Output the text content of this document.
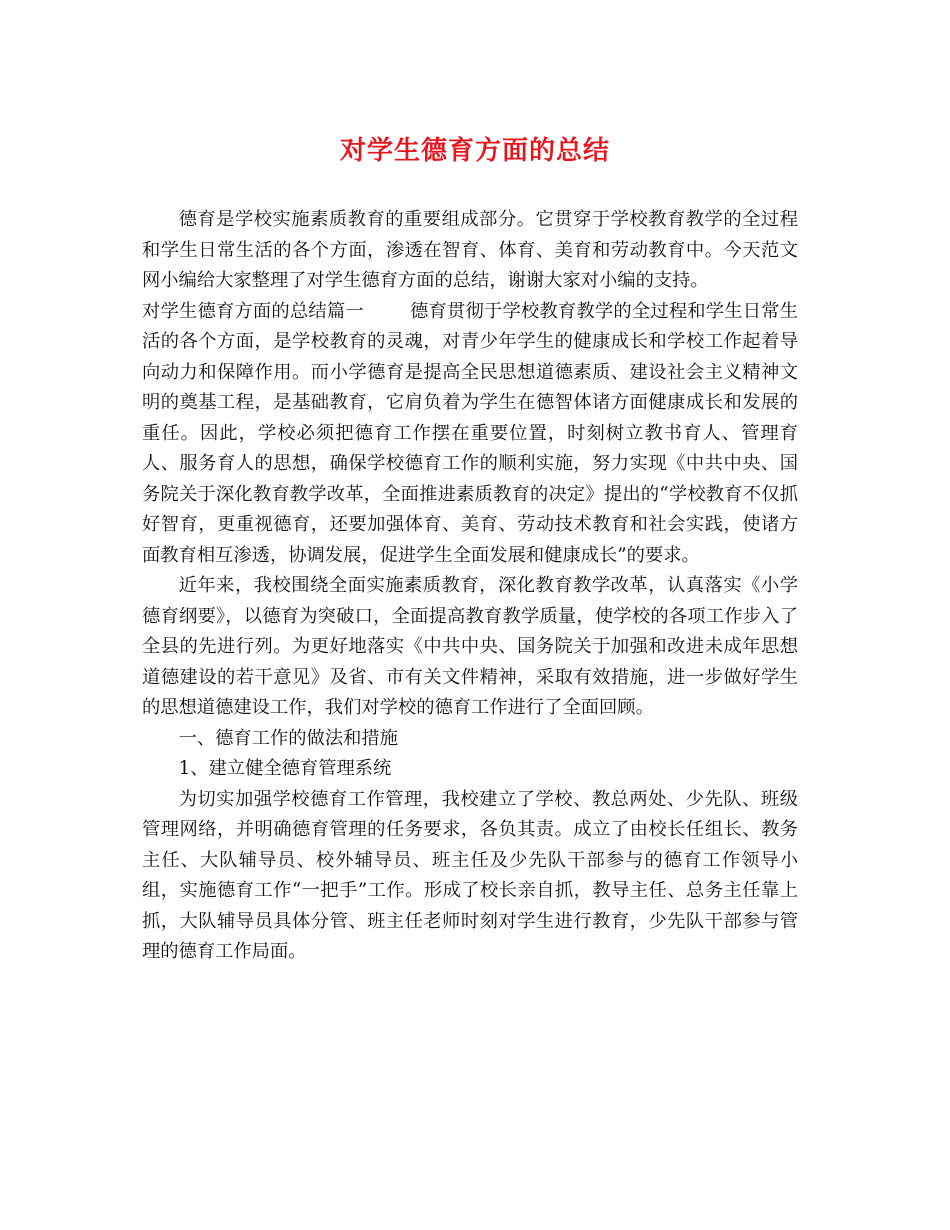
对学生德育方面的总结

德育是学校实施素质教育的重要组成部分。它贯穿于学校教育教学的全过程和学生日常生活的各个方面，渗透在智育、体育、美育和劳动教育中。今天范文网小编给大家整理了对学生德育方面的总结，谢谢大家对小编的支持。

对学生德育方面的总结篇一	德育贯彻于学校教育教学的全过程和学生日常生活的各个方面，是学校教育的灵魂，对青少年学生的健康成长和学校工作起着导向动力和保障作用。而小学德育是提高全民思想道德素质、建设社会主义精神文明的奠基工程，是基础教育，它肩负着为学生在德智体诸方面健康成长和发展的重任。因此，学校必须把德育工作摆在重要位置，时刻树立教书育人、管理育人、服务育人的思想，确保学校德育工作的顺利实施，努力实现《中共中央、国务院关于深化教育教学改革，全面推进素质教育的决定》提出的“学校教育不仅抓好智育，更重视德育，还要加强体育、美育、劳动技术教育和社会实践，使诸方面教育相互渗透，协调发展，促进学生全面发展和健康成长”的要求。

近年来，我校围绕全面实施素质教育，深化教育教学改革，认真落实《小学德育纲要》，以德育为突破口，全面提高教育教学质量，使学校的各项工作步入了全县的先进行列。为更好地落实《中共中央、国务院关于加强和改进未成年思想道德建设的若干意见》及省、市有关文件精神，采取有效措施，进一步做好学生的思想道德建设工作，我们对学校的德育工作进行了全面回顾。

一、德育工作的做法和措施

1、建立健全德育管理系统

为切实加强学校德育工作管理，我校建立了学校、教总两处、少先队、班级管理网络，并明确德育管理的任务要求，各负其责。成立了由校长任组长、教务主任、大队辅导员、校外辅导员、班主任及少先队干部参与的德育工作领导小组，实施德育工作“一把手”工作。形成了校长亲自抓，教导主任、总务主任靠上抓，大队辅导员具体分管、班主任老师时刻对学生进行教育，少先队干部参与管理的德育工作局面。
